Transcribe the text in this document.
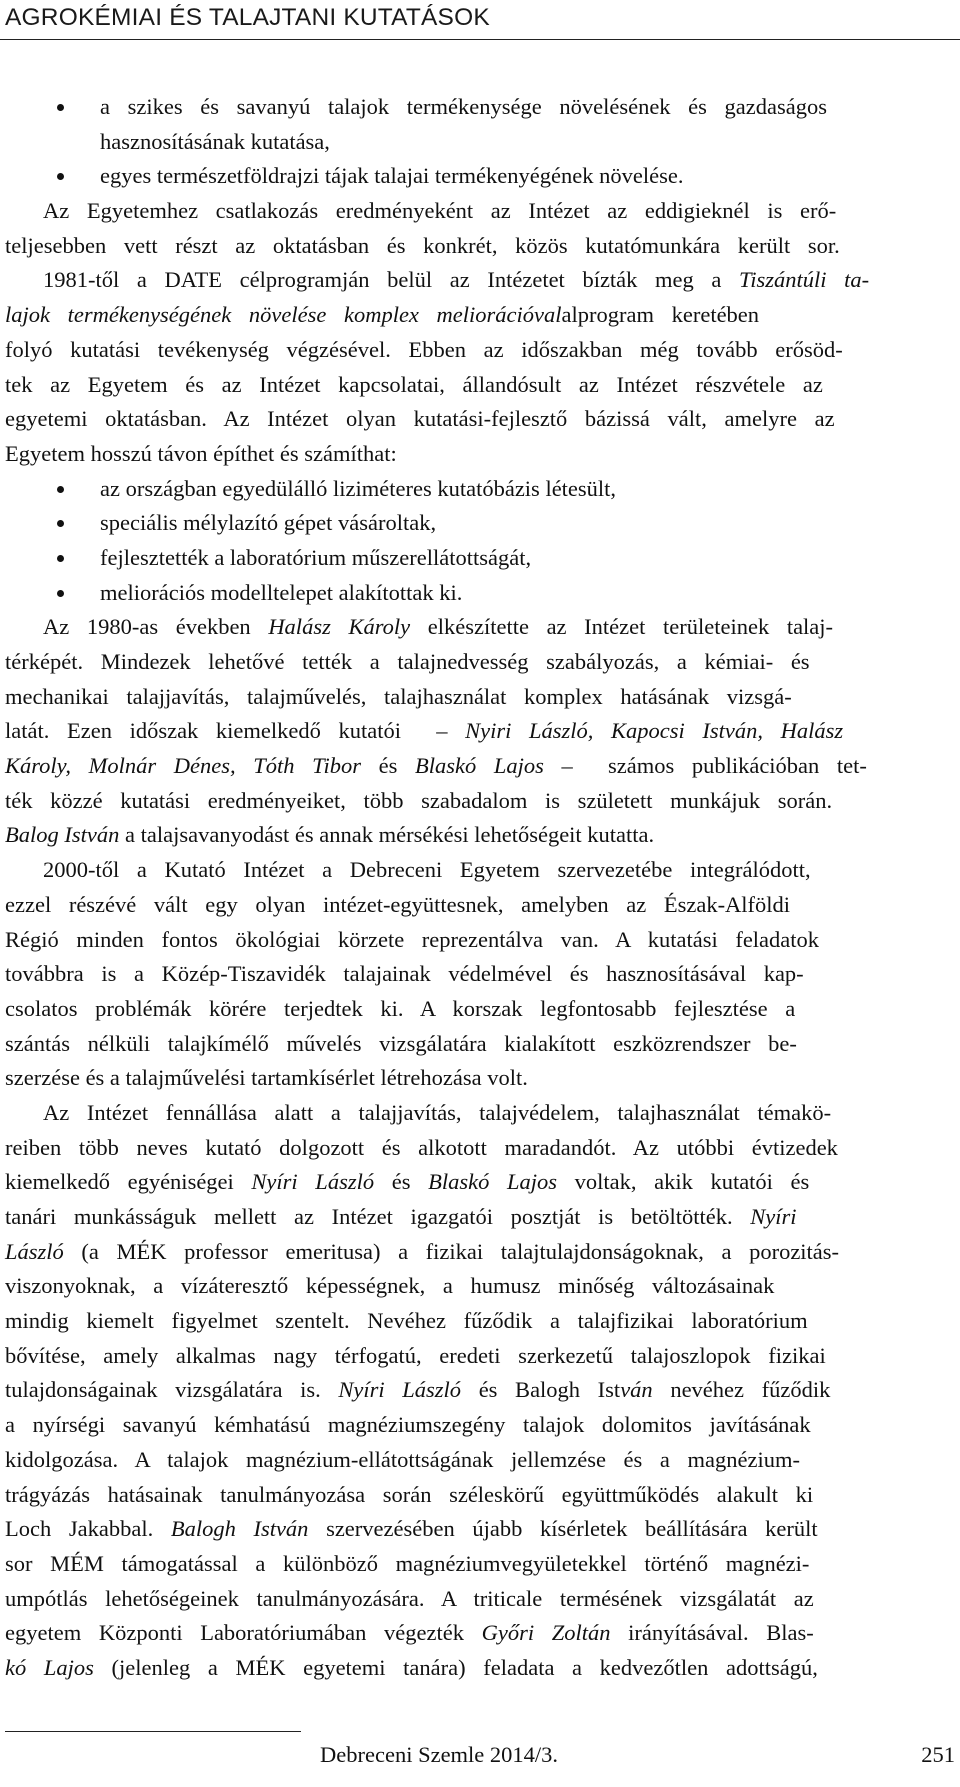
AGROKÉMIAI ÉS TALAJTANI KUTATÁSOK
a szikes és savanyú talajok termékenysége növelésének és gazdaságos
hasznosításának kutatása,
egyes természetföldrajzi tájak talajai termékenyégének növelése.
Az Egyetemhez csatlakozás eredményeként az Intézet az eddigieknél is erő-
teljesebben vett részt az oktatásban és konkrét, közös kutatómunkára került sor.
1981-től a DATE célprogramján belül az Intézetet bízták meg a Tiszántúli ta-
lajok termékenységének növelése komplex meliorációvalalprogram keretében
folyó kutatási tevékenység végzésével. Ebben az időszakban még tovább erősöd-
tek az Egyetem és az Intézet kapcsolatai, állandósult az Intézet részvétele az
egyetemi oktatásban. Az Intézet olyan kutatási-fejlesztő bázissá vált, amelyre az
Egyetem hosszú távon építhet és számíthat:
az országban egyedülálló liziméteres kutatóbázis létesült,
speciális mélylazító gépet vásároltak,
fejlesztették a laboratórium műszerellátottságát,
meliorációs modelltelepet alakítottak ki.
Az 1980-as években Halász Károly elkészítette az Intézet területeinek talaj-
térképét. Mindezek lehetővé tették a talajnedvesség szabályozás, a kémiai- és
mechanikai talajjavítás, talajművelés, talajhasználat komplex hatásának vizsgá-
latát. Ezen időszak kiemelkedő kutatói  – Nyiri László, Kapocsi István, Halász
Károly, Molnár Dénes, Tóth Tibor és Blaskó Lajos –  számos publikációban tet-
ték közzé kutatási eredményeiket, több szabadalom is született munkájuk során.
Balog István a talajsavanyodást és annak mérsékési lehetőségeit kutatta.
2000-től a Kutató Intézet a Debreceni Egyetem szervezetébe integrálódott,
ezzel részévé vált egy olyan intézet-együttesnek, amelyben az Észak-Alföldi
Régió minden fontos ökológiai körzete reprezentálva van. A kutatási feladatok
továbbra is a Közép-Tiszavidék talajainak védelmével és hasznosításával kap-
csolatos problémák körére terjedtek ki. A korszak legfontosabb fejlesztése a
szántás nélküli talajkímélő művelés vizsgálatára kialakított eszközrendszer be-
szerzése és a talajművelési tartamkísérlet létrehozása volt.
Az Intézet fennállása alatt a talajjavítás, talajvédelem, talajhasználat témakö-
reiben több neves kutató dolgozott és alkotott maradandót. Az utóbbi évtizedek
kiemelkedő egyéniségei Nyíri László és Blaskó Lajos voltak, akik kutatói és
tanári munkásságuk mellett az Intézet igazgatói posztját is betöltötték. Nyíri
László (a MÉK professor emeritusa) a fizikai talajtulajdonságoknak, a porozitás-
viszonyoknak, a vízáteresztő képességnek, a humusz minőség változásainak
mindig kiemelt figyelmet szentelt. Nevéhez fűződik a talajfizikai laboratórium
bővítése, amely alkalmas nagy térfogatú, eredeti szerkezetű talajoszlopok fizikai
tulajdonságainak vizsgálatára is. Nyíri László és Balogh István nevéhez fűződik
a nyírségi savanyú kémhatású magnéziumszegény talajok dolomitos javításának
kidolgozása. A talajok magnézium-ellátottságának jellemzése és a magnézium-
trágyázás hatásainak tanulmányozása során széleskörű együttműködés alakult ki
Loch Jakabbal. Balogh István szervezésében újabb kísérletek beállítására került
sor MÉM támogatással a különböző magnéziumvegyületekkel történő magnézi-
umpótlás lehetőségeinek tanulmányozására. A triticale termésének vizsgálatát az
egyetem Központi Laboratóriumában végezték Győri Zoltán irányításával. Blas-
kó Lajos (jelenleg a MÉK egyetemi tanára) feladata a kedvezőtlen adottságú,
Debreceni Szemle 2014/3.	251
